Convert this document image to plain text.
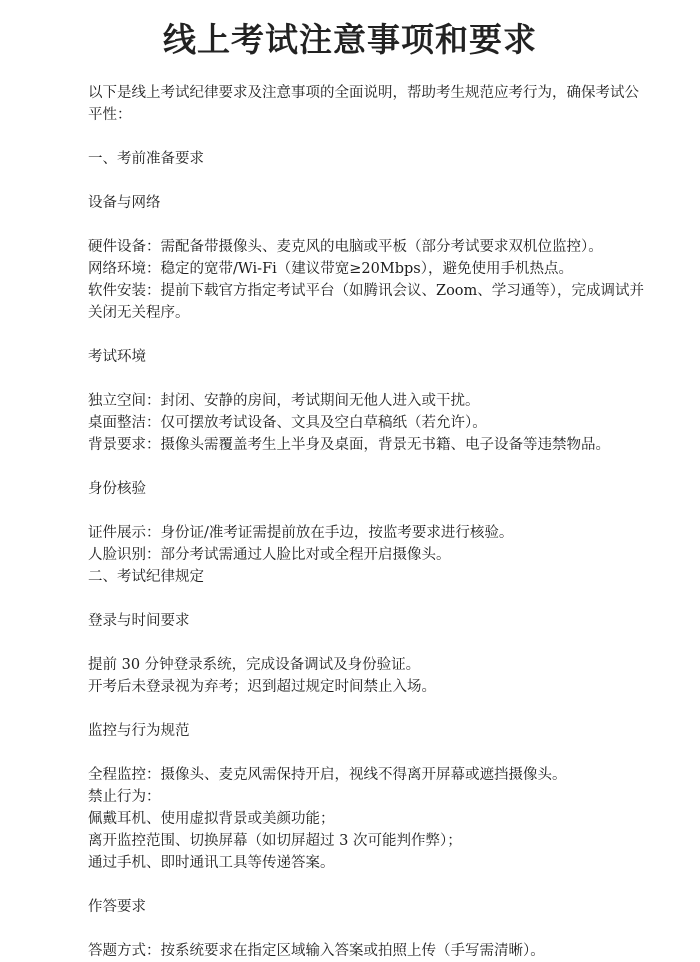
线上考试注意事项和要求

以下是线上考试纪律要求及注意事项的全面说明，帮助考生规范应考行为，确保考试公平性：

一、考前准备要求

设备与网络

硬件设备：需配备带摄像头、麦克风的电脑或平板（部分考试要求双机位监控）。

网络环境：稳定的宽带/Wi-Fi（建议带宽≥20Mbps），避免使用手机热点。

软件安装：提前下载官方指定考试平台（如腾讯会议、Zoom、学习通等），完成调试并关闭无关程序。

考试环境

独立空间：封闭、安静的房间，考试期间无他人进入或干扰。

桌面整洁：仅可摆放考试设备、文具及空白草稿纸（若允许）。

背景要求：摄像头需覆盖考生上半身及桌面，背景无书籍、电子设备等违禁物品。

身份核验

证件展示：身份证/准考证需提前放在手边，按监考要求进行核验。

人脸识别：部分考试需通过人脸比对或全程开启摄像头。

二、考试纪律规定

登录与时间要求

提前 30 分钟登录系统，完成设备调试及身份验证。

开考后未登录视为弃考；迟到超过规定时间禁止入场。

监控与行为规范

全程监控：摄像头、麦克风需保持开启，视线不得离开屏幕或遮挡摄像头。

禁止行为：

佩戴耳机、使用虚拟背景或美颜功能；

离开监控范围、切换屏幕（如切屏超过 3 次可能判作弊）；

通过手机、即时通讯工具等传递答案。

作答要求

答题方式：按系统要求在指定区域输入答案或拍照上传（手写需清晰）。
